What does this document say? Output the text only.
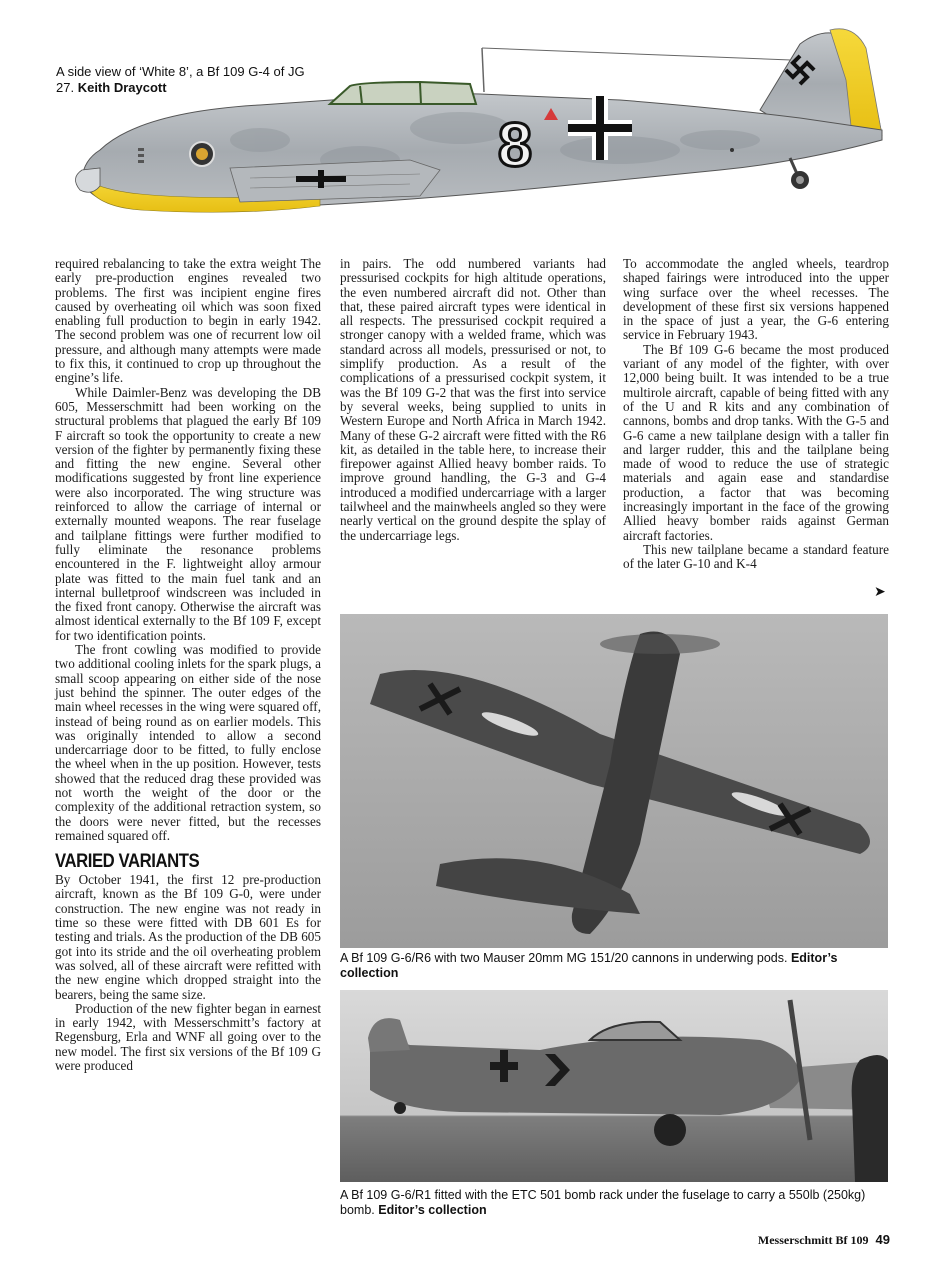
8
A side view of ‘White 8’, a Bf 109 G-4 of JG 27. Keith Draycott

required rebalancing to take the extra weight The early pre-production engines revealed two problems. The first was incipient engine fires caused by overheating oil which was soon fixed enabling full production to begin in early 1942. The second problem was one of recurrent low oil pressure, and although many attempts were made to fix this, it continued to crop up throughout the engine’s life.

While Daimler-Benz was developing the DB 605, Messerschmitt had been working on the structural problems that plagued the early Bf 109 F aircraft so took the opportunity to create a new version of the fighter by permanently fixing these and fitting the new engine. Several other modifications suggested by front line experience were also incorporated. The wing structure was reinforced to allow the carriage of internal or externally mounted weapons. The rear fuselage and tailplane fittings were further modified to fully eliminate the resonance problems encountered in the F. lightweight alloy armour plate was fitted to the main fuel tank and an internal bulletproof windscreen was included in the fixed front canopy. Otherwise the aircraft was almost identical externally to the Bf 109 F, except for two identification points.

The front cowling was modified to provide two additional cooling inlets for the spark plugs, a small scoop appearing on either side of the nose just behind the spinner. The outer edges of the main wheel recesses in the wing were squared off, instead of being round as on earlier models. This was originally intended to allow a second undercarriage door to be fitted, to fully enclose the wheel when in the up position. However, tests showed that the reduced drag these provided was not worth the weight of the door or the complexity of the additional retraction system, so the doors were never fitted, but the recesses remained squared off.

VARIED VARIANTS

By October 1941, the first 12 pre-production aircraft, known as the Bf 109 G-0, were under construction. The new engine was not ready in time so these were fitted with DB 601 Es for testing and trials. As the production of the DB 605 got into its stride and the oil overheating problem was solved, all of these aircraft were refitted with the new engine which dropped straight into the bearers, being the same size.

Production of the new fighter began in earnest in early 1942, with Messerschmitt’s factory at Regensburg, Erla and WNF all going over to the new model. The first six versions of the Bf 109 G were produced

in pairs. The odd numbered variants had pressurised cockpits for high altitude operations, the even numbered aircraft did not. Other than that, these paired aircraft types were identical in all respects. The pressurised cockpit required a stronger canopy with a welded frame, which was standard across all models, pressurised or not, to simplify production. As a result of the complications of a pressurised cockpit system, it was the Bf 109 G-2 that was the first into service by several weeks, being supplied to units in Western Europe and North Africa in March 1942. Many of these G-2 aircraft were fitted with the R6 kit, as detailed in the table here, to increase their firepower against Allied heavy bomber raids. To improve ground handling, the G-3 and G-4 introduced a modified undercarriage with a larger tailwheel and the mainwheels angled so they were nearly vertical on the ground despite the splay of the undercarriage legs.

To accommodate the angled wheels, teardrop shaped fairings were introduced into the upper wing surface over the wheel recesses. The development of these first six versions happened in the space of just a year, the G-6 entering service in February 1943.

The Bf 109 G-6 became the most produced variant of any model of the fighter, with over 12,000 being built. It was intended to be a true multirole aircraft, capable of being fitted with any of the U and R kits and any combination of cannons, bombs and drop tanks. With the G-5 and G-6 came a new tailplane design with a taller fin and larger rudder, this and the tailplane being made of wood to reduce the use of strategic materials and again ease and standardise production, a factor that was becoming increasingly important in the face of the growing Allied heavy bomber raids against German aircraft factories.

This new tailplane became a standard feature of the later G-10 and K-4

➤
A Bf 109 G-6/R6 with two Mauser 20mm MG 151/20 cannons in underwing pods. Editor’s collection
A Bf 109 G-6/R1 fitted with the ETC 501 bomb rack under the fuselage to carry a 550lb (250kg) bomb. Editor’s collection
Messerschmitt Bf 109 49
